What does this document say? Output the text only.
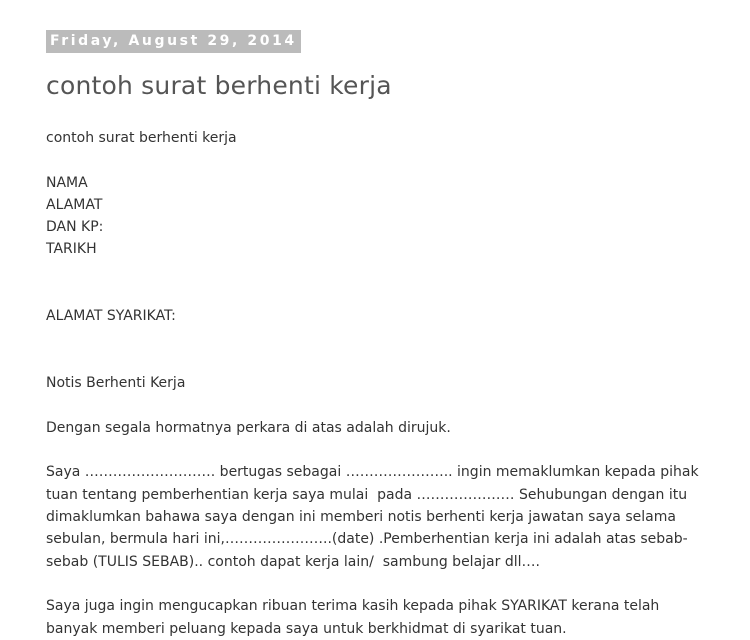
Friday, August 29, 2014
contoh surat berhenti kerja
contoh surat berhenti kerja
NAMA
ALAMAT
DAN KP:
TARIKH
ALAMAT SYARIKAT:
Notis Berhenti Kerja
Dengan segala hormatnya perkara di atas adalah dirujuk.
Saya ………………………. bertugas sebagai ………………….. ingin memaklumkan kepada pihak
tuan tentang pemberhentian kerja saya mulai  pada ………………… Sehubungan dengan itu
dimaklumkan bahawa saya dengan ini memberi notis berhenti kerja jawatan saya selama
sebulan, bermula hari ini,…………………..(date) .Pemberhentian kerja ini adalah atas sebab-
sebab (TULIS SEBAB).. contoh dapat kerja lain/  sambung belajar dll….
Saya juga ingin mengucapkan ribuan terima kasih kepada pihak SYARIKAT kerana telah
banyak memberi peluang kepada saya untuk berkhidmat di syarikat tuan.
